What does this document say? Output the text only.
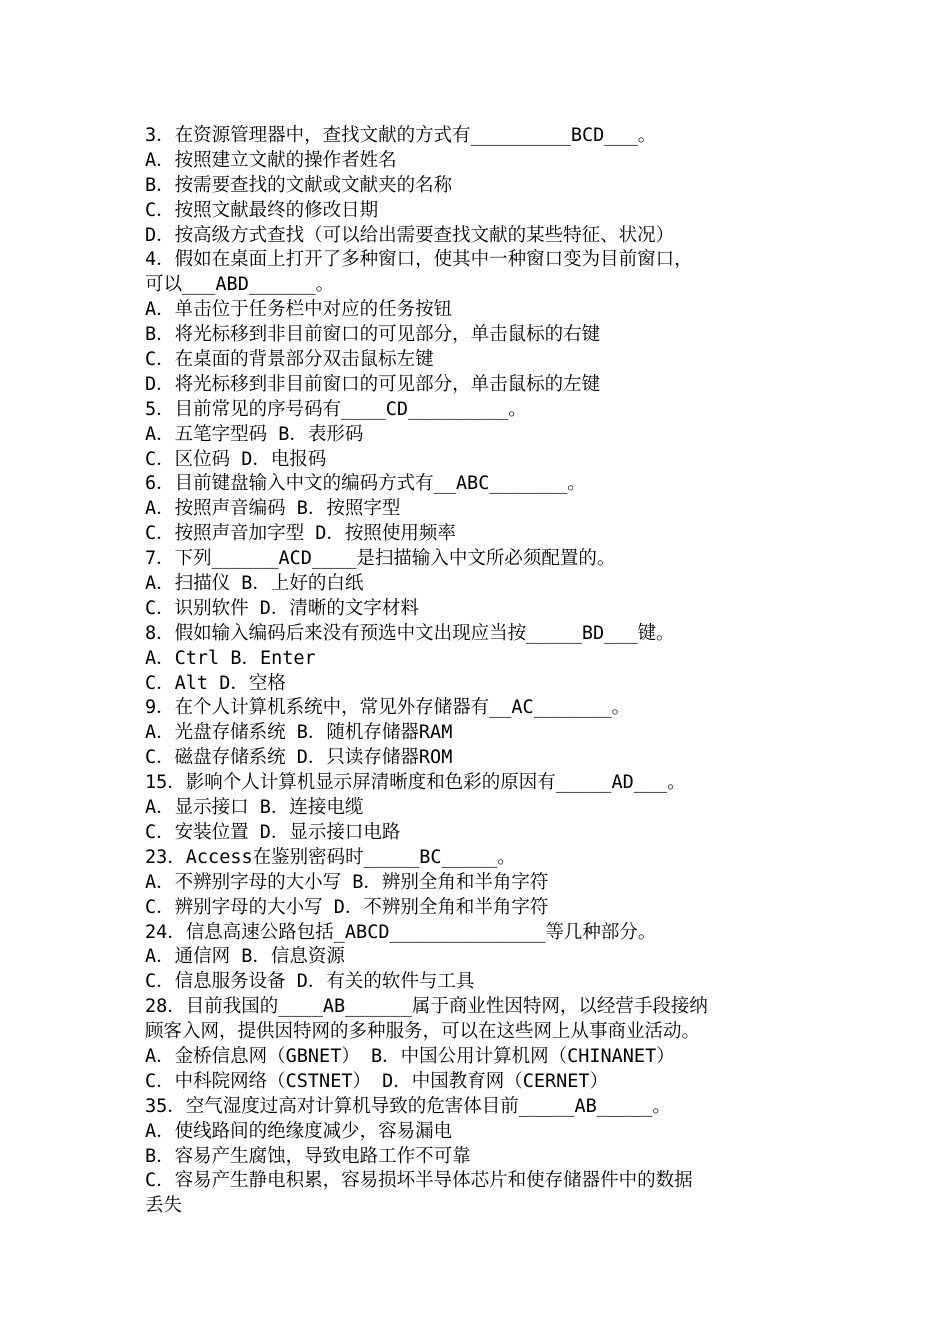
3．在资源管理器中，查找文献的方式有_________BCD___。
A．按照建立文献的操作者姓名
B．按需要查找的文献或文献夹的名称
C．按照文献最终的修改日期
D．按高级方式查找（可以给出需要查找文献的某些特征、状况）
4．假如在桌面上打开了多种窗口，使其中一种窗口变为目前窗口，
可以___ABD______。
A．单击位于任务栏中对应的任务按钮
B．将光标移到非目前窗口的可见部分，单击鼠标的右键
C．在桌面的背景部分双击鼠标左键
D．将光标移到非目前窗口的可见部分，单击鼠标的左键
5．目前常见的序号码有____CD_________。
A．五笔字型码 B．表形码
C．区位码 D．电报码
6．目前键盘输入中文的编码方式有__ABC_______。
A．按照声音编码 B．按照字型
C．按照声音加字型 D．按照使用频率
7．下列______ACD____是扫描输入中文所必须配置的。
A．扫描仪 B．上好的白纸
C．识别软件 D．清晰的文字材料
8．假如输入编码后来没有预选中文出现应当按_____BD___键。
A．Ctrl B．Enter
C．Alt D．空格
9．在个人计算机系统中，常见外存储器有__AC_______。
A．光盘存储系统 B．随机存储器RAM
C．磁盘存储系统 D．只读存储器ROM
15．影响个人计算机显示屏清晰度和色彩的原因有_____AD___。
A．显示接口 B．连接电缆
C．安装位置 D．显示接口电路
23．Access在鉴别密码时_____BC_____。
A．不辨别字母的大小写 B．辨别全角和半角字符
C．辨别字母的大小写 D．不辨别全角和半角字符
24．信息高速公路包括_ABCD______________等几种部分。
A．通信网 B．信息资源
C．信息服务设备 D．有关的软件与工具
28．目前我国的____AB______属于商业性因特网，以经营手段接纳
顾客入网，提供因特网的多种服务，可以在这些网上从事商业活动。
A．金桥信息网（GBNET） B．中国公用计算机网（CHINANET）
C．中科院网络（CSTNET） D．中国教育网（CERNET）
35．空气湿度过高对计算机导致的危害体目前_____AB_____。
A．使线路间的绝缘度减少，容易漏电
B．容易产生腐蚀，导致电路工作不可靠
C．容易产生静电积累，容易损坏半导体芯片和使存储器件中的数据
丢失
